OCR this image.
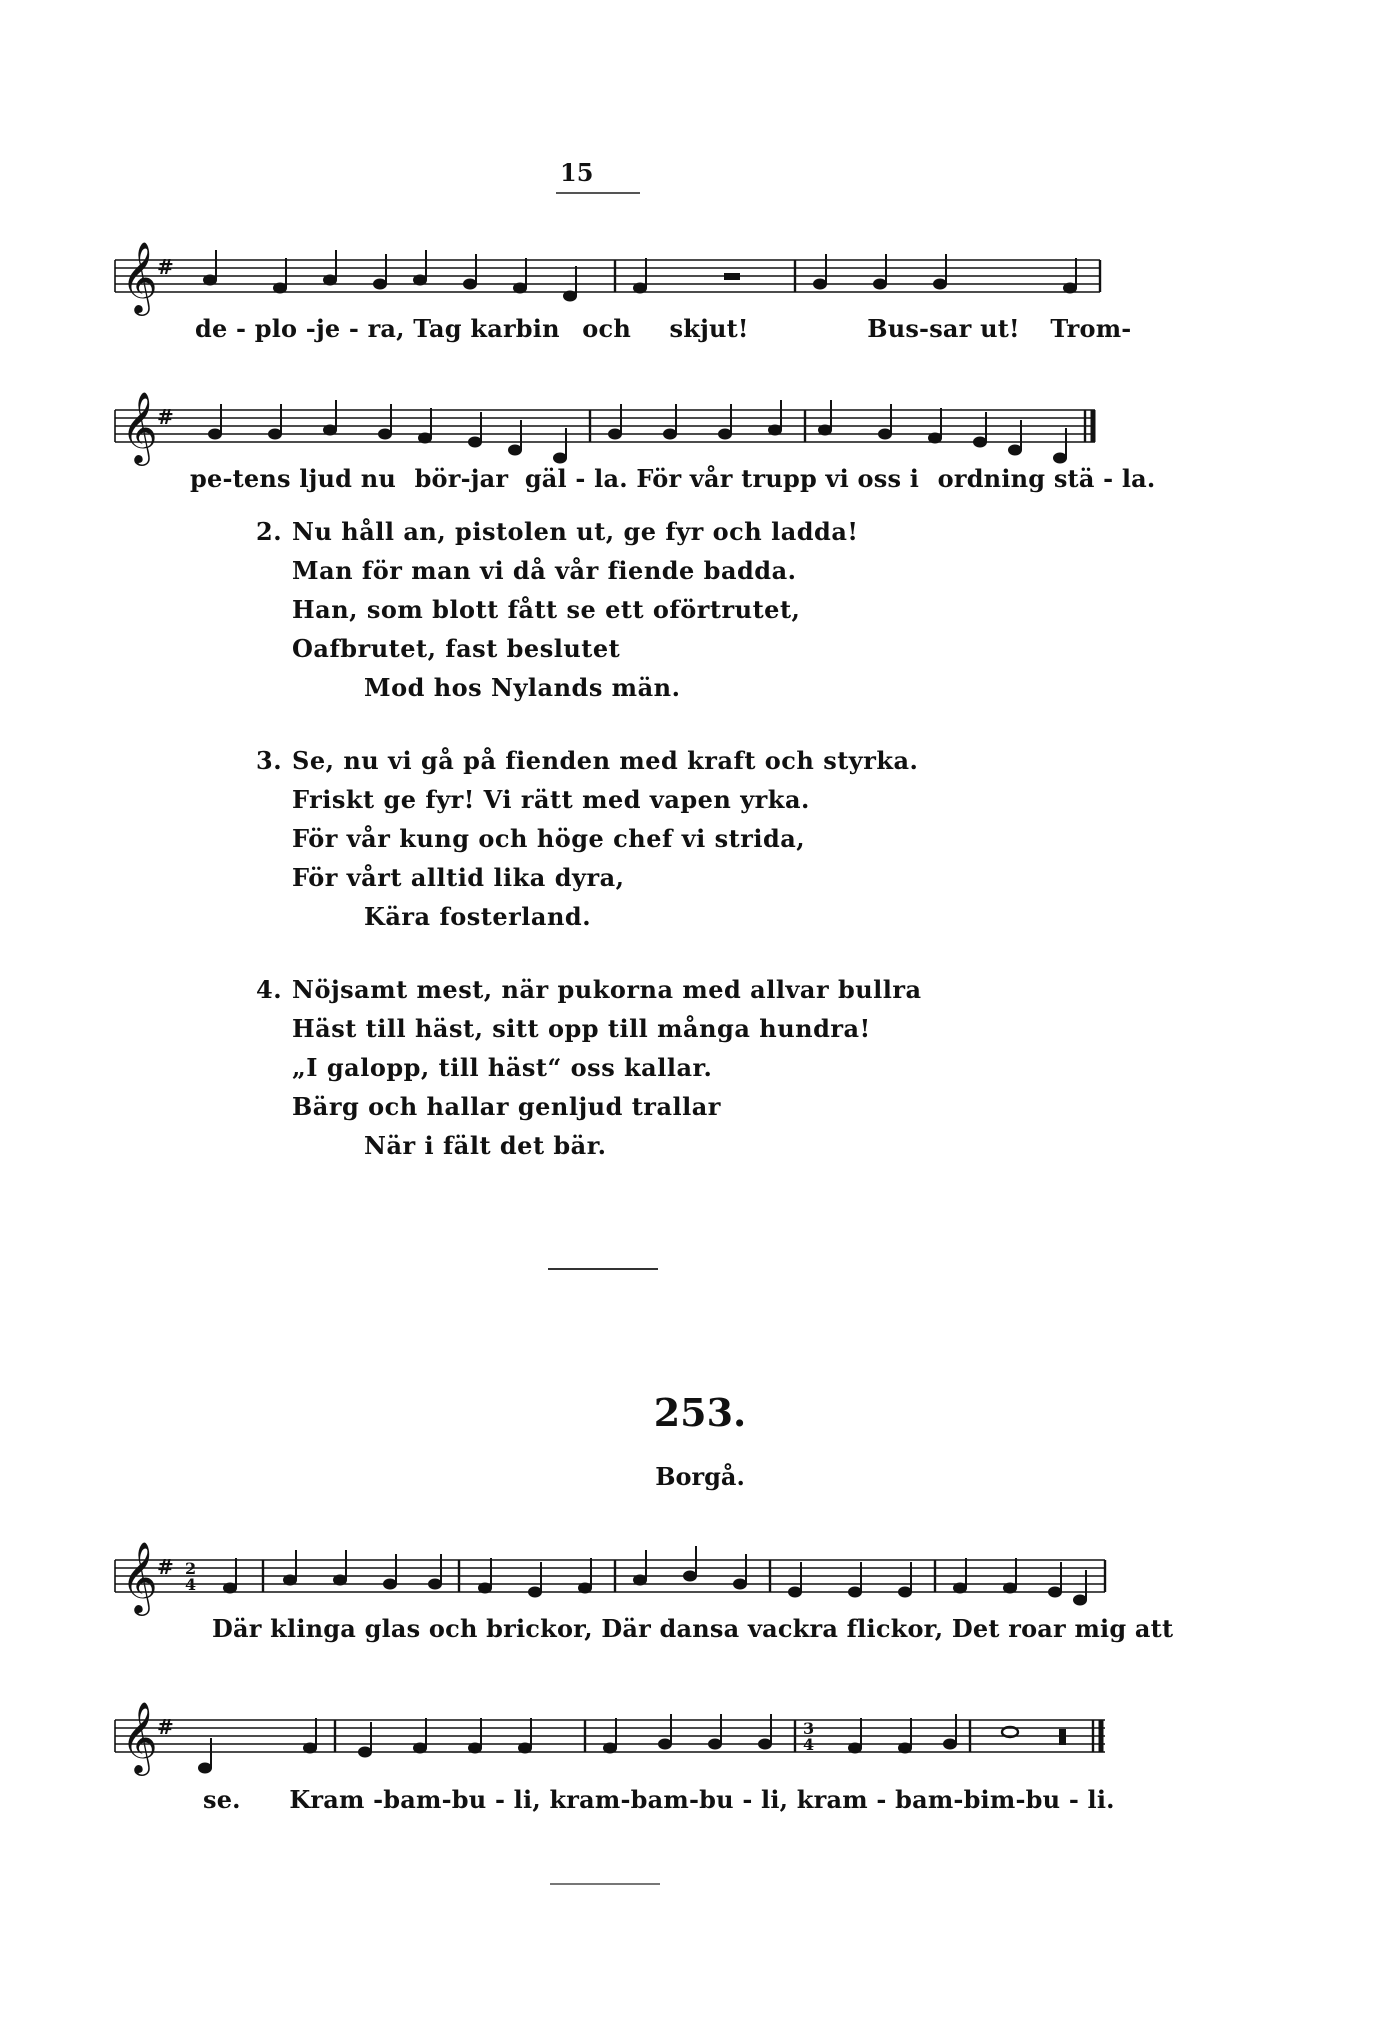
15
𝄞 #
de - plo -je - ra, Tag karbin och skjut!	Bus-sar ut! Trom-
𝄞 #
pe-tens ljud nu bör-jar gäl - la. För vår trupp vi oss i ordning stä - la.
2. Nu håll an, pistolen ut, ge fyr och ladda!
Man för man vi då vår fiende badda.
Han, som blott fått se ett oförtrutet,
Oafbrutet, fast beslutet
Mod hos Nylands män.
3. Se, nu vi gå på fienden med kraft och styrka.
Friskt ge fyr! Vi rätt med vapen yrka.
För vår kung och höge chef vi strida,
För vårt alltid lika dyra,
Kära fosterland.
4. Nöjsamt mest, när pukorna med allvar bullra
Häst till häst, sitt opp till många hundra!
„I galopp, till häst“ oss kallar.
Bärg och hallar genljud trallar
När i fält det bär.
253.
Borgå.
𝄞 # 2
4
Där klinga glas och brickor, Där dansa vackra flickor, Det roar mig att
𝄞 #	3
4
se. Kram -bam-bu - li, kram-bam-bu - li, kram - bam-bim-bu - li.
